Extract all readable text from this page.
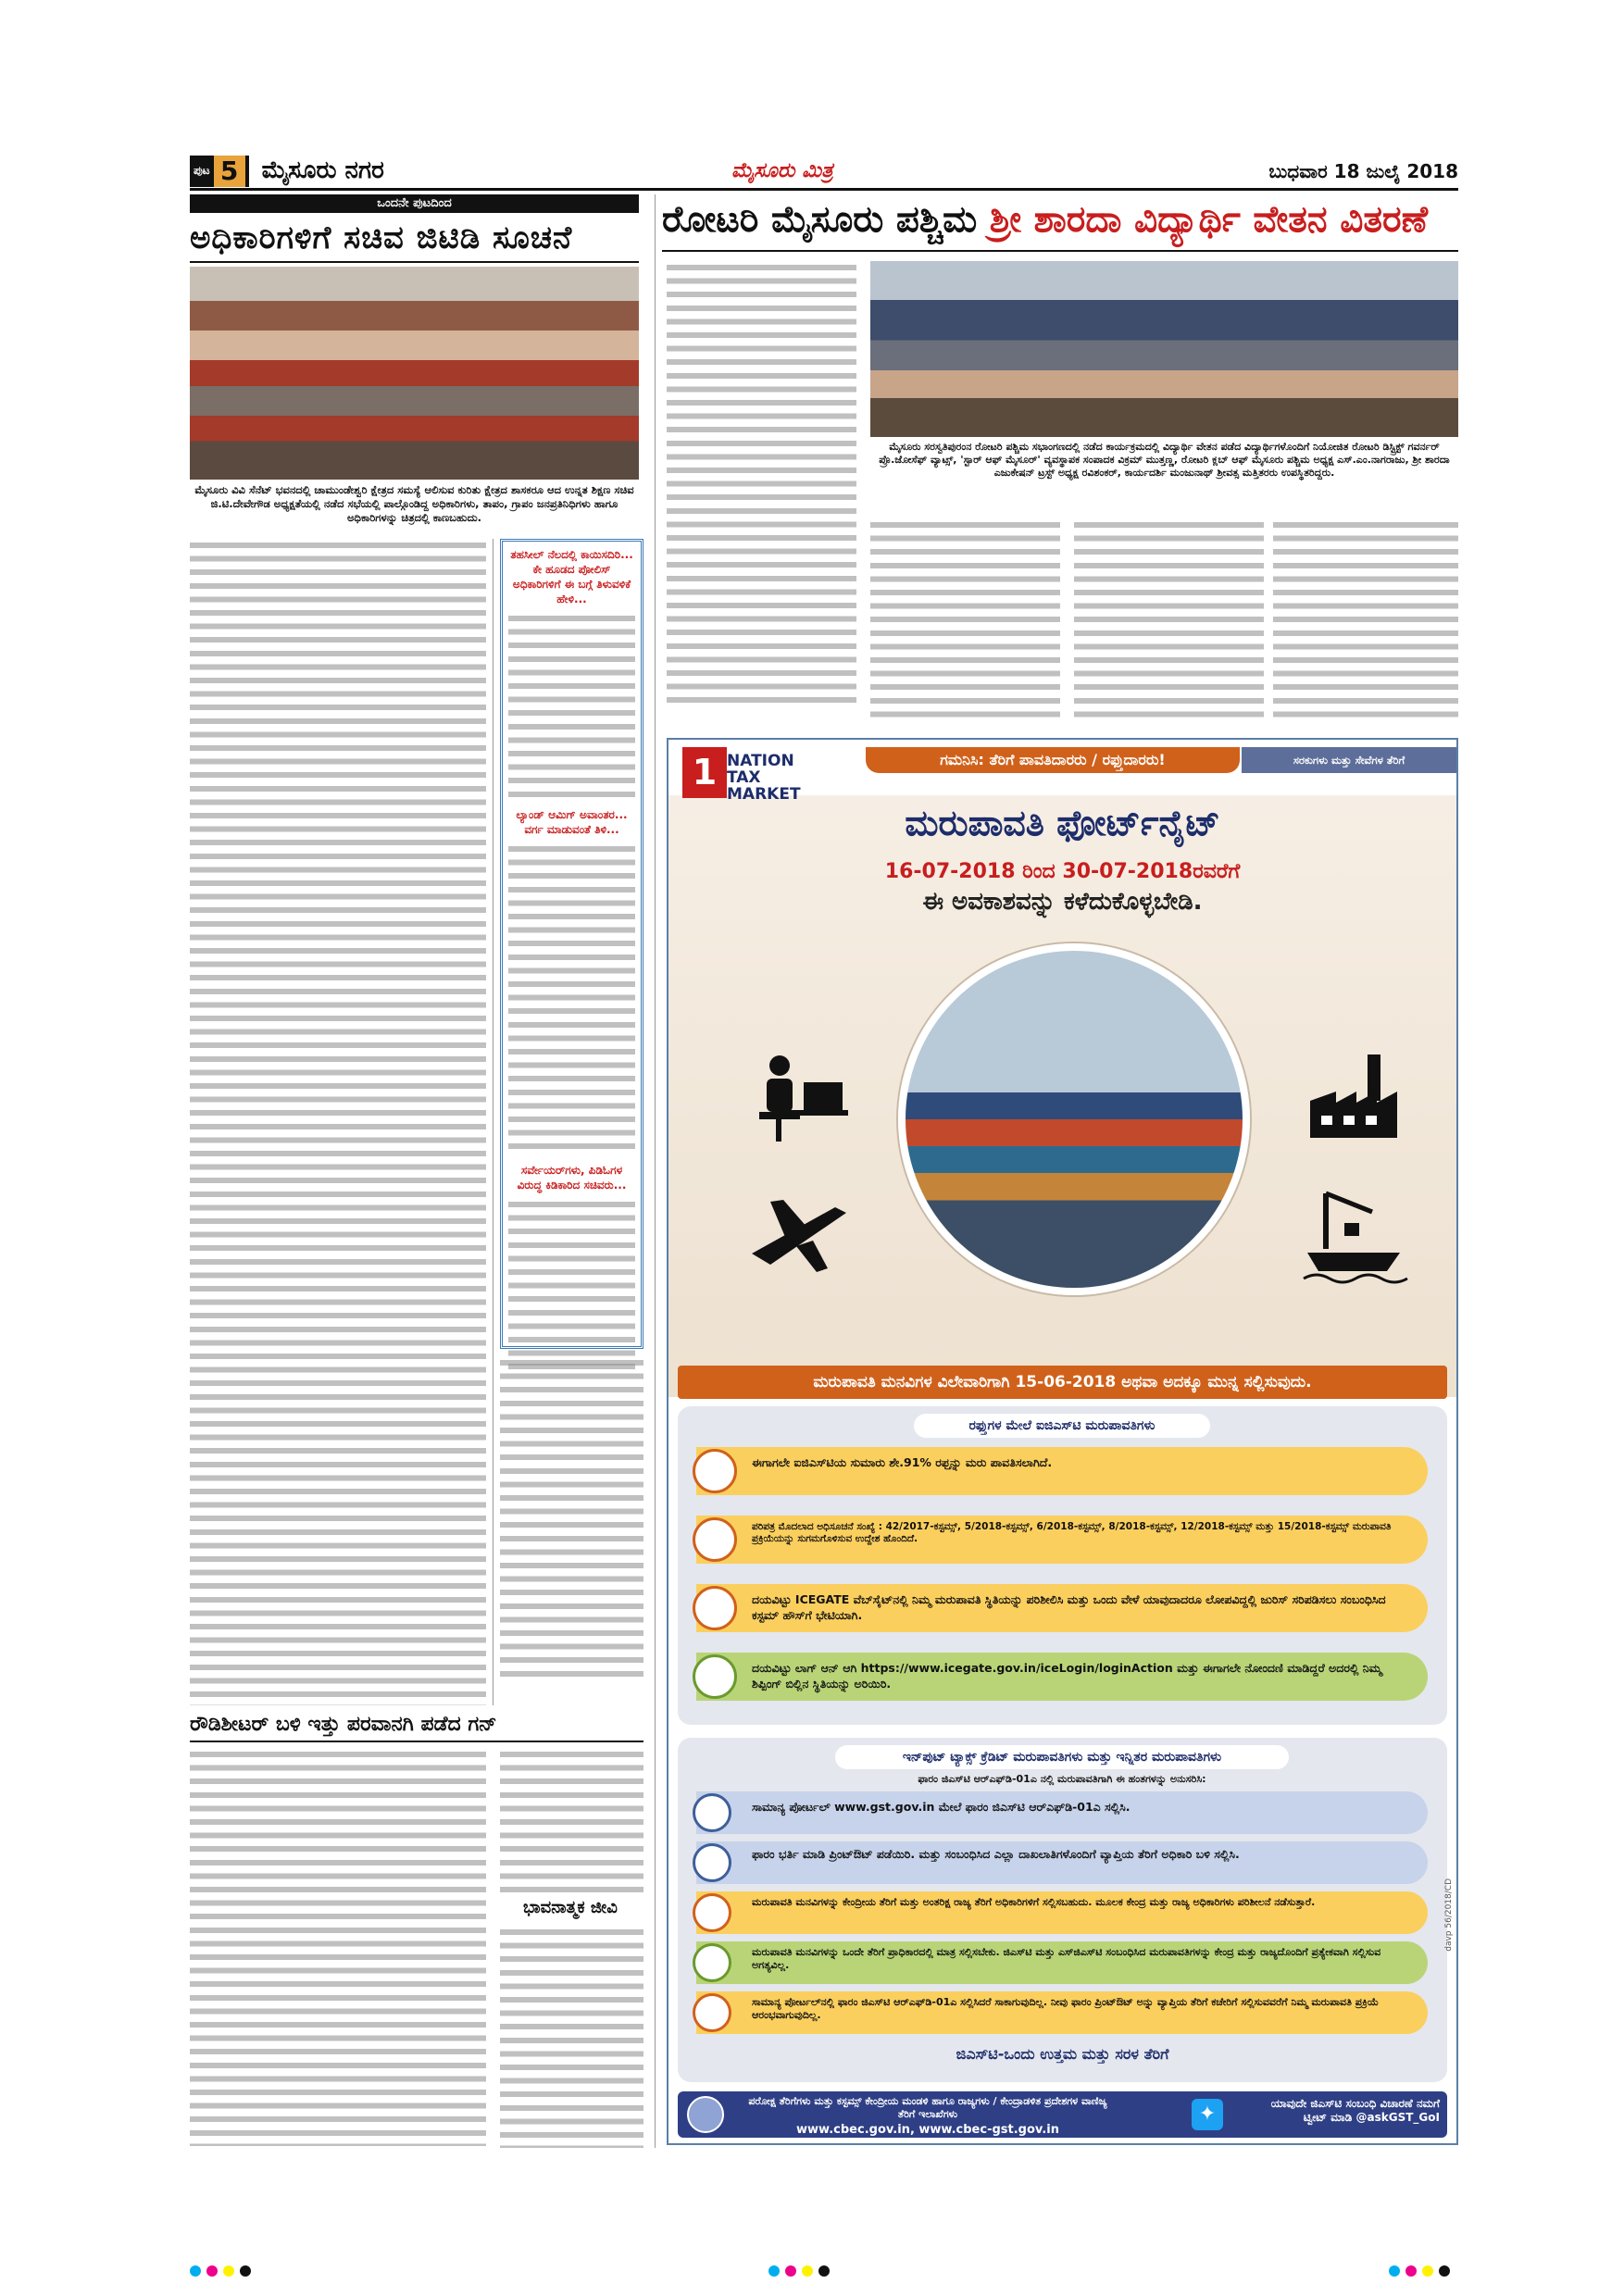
ಪುಟ 5 ಮೈಸೂರು ನಗರ	ಮೈಸೂರು ಮಿತ್ರ	ಬುಧವಾರ 18 ಜುಲೈ 2018
ಒಂದನೇ ಪುಟದಿಂದ
ಅಧಿಕಾರಿಗಳಿಗೆ ಸಚಿವ ಜಿಟಿಡಿ ಸೂಚನೆ
ಮೈಸೂರು ವಿವಿ ಸೆನೆಟ್ ಭವನದಲ್ಲಿ ಚಾಮುಂಡೇಶ್ವರಿ ಕ್ಷೇತ್ರದ ಸಮಸ್ಯೆ ಆಲಿಸುವ ಕುರಿತು ಕ್ಷೇತ್ರದ ಶಾಸಕರೂ ಆದ ಉನ್ನತ ಶಿಕ್ಷಣ ಸಚಿವ ಜಿ.ಟಿ.ದೇವೇಗೌಡ ಅಧ್ಯಕ್ಷತೆಯಲ್ಲಿ ನಡೆದ ಸಭೆಯಲ್ಲಿ ಪಾಲ್ಗೊಂಡಿದ್ದ ಅಧಿಕಾರಿಗಳು, ತಾಪಂ, ಗ್ರಾಪಂ ಜನಪ್ರತಿನಿಧಿಗಳು ಹಾಗೂ ಅಧಿಕಾರಿಗಳನ್ನು ಚಿತ್ರದಲ್ಲಿ ಕಾಣಬಹುದು.
ತಹಸೀಲ್ ನೆಲದಲ್ಲಿ ಕಾಯಿಸದಿರಿ... ಕೇ ಹೂಡದ ಪೋಲಿಸ್ ಅಧಿಕಾರಿಗಳಿಗೆ ಈ ಬಗ್ಗೆ ತಿಳುವಳಿಕೆ ಹೇಳಿ...
ಲ್ಯಾಂಡ್ ಆಮಿಗ್ ಅವಾಂತರ... ವರ್ಗ ಮಾಡುವಂತೆ ತಿಳಿ...
ಸರ್ವೇಯರ್‌ಗಳು, ಪಿಡಿಓಗಳ ವಿರುದ್ಧ ಕಿಡಿಕಾರಿದ ಸಚಿವರು...
ರೌಡಿಶೀಟರ್ ಬಳಿ ಇತ್ತು ಪರವಾನಗಿ ಪಡೆದ ಗನ್
ಭಾವನಾತ್ಮಕ ಜೀವಿ
ರೋಟರಿ ಮೈಸೂರು ಪಶ್ಚಿಮ ಶ್ರೀ ಶಾರದಾ ವಿದ್ಯಾರ್ಥಿ ವೇತನ ವಿತರಣೆ
ಮೈಸೂರು ಸರಸ್ವತಿಪುರಂನ ರೋಟರಿ ಪಶ್ಚಿಮ ಸಭಾಂಗಣದಲ್ಲಿ ನಡೆದ ಕಾರ್ಯಕ್ರಮದಲ್ಲಿ ವಿದ್ಯಾರ್ಥಿ ವೇತನ ಪಡೆದ ವಿದ್ಯಾರ್ಥಿಗಳೊಂದಿಗೆ ನಿಯೋಜಿತ ರೋಟರಿ ಡಿಸ್ಟ್ರಿಕ್ಟ್ ಗವರ್ನರ್ ಪ್ರೊ.ಜೋಸೆಫ್ ವ್ಯಾಟ್ಸ್, 'ಸ್ಟಾರ್ ಆಫ್ ಮೈಸೂರ್' ವ್ಯವಸ್ಥಾಪಕ ಸಂಪಾದಕ ವಿಕ್ರಮ್ ಮುತ್ತಣ್ಣ, ರೋಟರಿ ಕ್ಲಬ್ ಆಫ್ ಮೈಸೂರು ಪಶ್ಚಿಮ ಅಧ್ಯಕ್ಷ ಎಸ್.ಎಂ.ನಾಗರಾಜು, ಶ್ರೀ ಶಾರದಾ ಎಜುಕೇಷನ್ ಟ್ರಸ್ಟ್ ಅಧ್ಯಕ್ಷ ರವಿಶಂಕರ್, ಕಾರ್ಯದರ್ಶಿ ಮಂಜುನಾಥ್ ಶ್ರೀವತ್ಸ ಮತ್ತಿತರರು ಉಪಸ್ಥಿತರಿದ್ದರು.
1 NATION
TAX
MARKET
ಗಮನಿಸಿ: ತೆರಿಗೆ ಪಾವತಿದಾರರು / ರಫ್ತುದಾರರು!	ಸರಕುಗಳು ಮತ್ತು ಸೇವೆಗಳ ತೆರಿಗೆ
ಮರುಪಾವತಿ ಫೋರ್ಟ್‌ನೈಟ್
16-07-2018 ರಿಂದ 30-07-2018ರವರೆಗೆ
ಈ ಅವಕಾಶವನ್ನು ಕಳೆದುಕೊಳ್ಳಬೇಡಿ.
ಮರುಪಾವತಿ ಮನವಿಗಳ ವಿಲೇವಾರಿಗಾಗಿ 15-06-2018 ಅಥವಾ ಅದಕ್ಕೂ ಮುನ್ನ ಸಲ್ಲಿಸುವುದು.
ರಫ್ತುಗಳ ಮೇಲೆ ಐಜಿಎಸ್‌ಟಿ ಮರುಪಾವತಿಗಳು
ಈಗಾಗಲೇ ಐಜಿಎಸ್‌ಟಿಯ ಸುಮಾರು ಶೇ.91% ರಫ್ತನ್ನು ಮರು ಪಾವತಿಸಲಾಗಿದೆ.
ಪರಿಪತ್ರ ಮೊದಲಾದ ಅಧಿಸೂಚನೆ ಸಂಖ್ಯೆ : 42/2017-ಕಸ್ಟಮ್ಸ್, 5/2018-ಕಸ್ಟಮ್ಸ್, 6/2018-ಕಸ್ಟಮ್ಸ್, 8/2018-ಕಸ್ಟಮ್ಸ್, 12/2018-ಕಸ್ಟಮ್ಸ್ ಮತ್ತು 15/2018-ಕಸ್ಟಮ್ಸ್ ಮರುಪಾವತಿ ಪ್ರಕ್ರಿಯೆಯನ್ನು ಸುಗಮಗೊಳಿಸುವ ಉದ್ದೇಶ ಹೊಂದಿದೆ.
ದಯವಿಟ್ಟು ICEGATE ವೆಬ್‌ಸೈಟ್‌ನಲ್ಲಿ ನಿಮ್ಮ ಮರುಪಾವತಿ ಸ್ಥಿತಿಯನ್ನು ಪರಿಶೀಲಿಸಿ ಮತ್ತು ಒಂದು ವೇಳೆ ಯಾವುದಾದರೂ ಲೋಪವಿದ್ದಲ್ಲಿ ಜುರಿಸ್‌ ಸರಿಪಡಿಸಲು ಸಂಬಂಧಿಸಿದ ಕಸ್ಟಮ್ ಹೌಸ್‌ಗೆ ಭೇಟಿಯಾಗಿ.
ದಯವಿಟ್ಟು ಲಾಗ್ ಆನ್ ಆಗಿ https://www.icegate.gov.in/iceLogin/loginAction ಮತ್ತು ಈಗಾಗಲೇ ನೋಂದಣಿ ಮಾಡಿದ್ದರೆ ಅದರಲ್ಲಿ ನಿಮ್ಮ ಶಿಪ್ಪಿಂಗ್ ಬಿಲ್ಲಿನ ಸ್ಥಿತಿಯನ್ನು ಅರಿಯಿರಿ.
ಇನ್‌ಪುಟ್ ಟ್ಯಾಕ್ಸ್ ಕ್ರೆಡಿಟ್ ಮರುಪಾವತಿಗಳು ಮತ್ತು ಇನ್ನಿತರ ಮರುಪಾವತಿಗಳು
ಫಾರಂ ಜಿಎಸ್‌ಟಿ ಆರ್‌ಎಫ್‌ಡಿ-01ಎ ನಲ್ಲಿ ಮರುಪಾವತಿಗಾಗಿ ಈ ಹಂತಗಳನ್ನು ಅನುಸರಿಸಿ:
ಸಾಮಾನ್ಯ ಪೋರ್ಟಲ್ www.gst.gov.in ಮೇಲೆ ಫಾರಂ ಜಿಎಸ್‌ಟಿ ಆರ್‌ಎಫ್‌ಡಿ-01ಎ ಸಲ್ಲಿಸಿ.
ಫಾರಂ ಭರ್ತಿ ಮಾಡಿ ಪ್ರಿಂಟ್‌ಔಟ್ ಪಡೆಯಿರಿ. ಮತ್ತು ಸಂಬಂಧಿಸಿದ ಎಲ್ಲಾ ದಾಖಲಾತಿಗಳೊಂದಿಗೆ ವ್ಯಾಪ್ತಿಯ ತೆರಿಗೆ ಅಧಿಕಾರಿ ಬಳಿ ಸಲ್ಲಿಸಿ.
ಮರುಪಾವತಿ ಮನವಿಗಳನ್ನು ಕೇಂದ್ರೀಯ ತೆರಿಗೆ ಮತ್ತು ಅಂತರಿಕ್ಷ ರಾಜ್ಯ ತೆರಿಗೆ ಅಧಿಕಾರಿಗಳಿಗೆ ಸಲ್ಲಿಸಬಹುದು. ಮೂಲಕ ಕೇಂದ್ರ ಮತ್ತು ರಾಜ್ಯ ಅಧಿಕಾರಿಗಳು ಪರಿಶೀಲನೆ ನಡೆಸುತ್ತಾರೆ.
ಮರುಪಾವತಿ ಮನವಿಗಳನ್ನು ಒಂದೇ ತೆರಿಗೆ ಪ್ರಾಧಿಕಾರದಲ್ಲಿ ಮಾತ್ರ ಸಲ್ಲಿಸಬೇಕು. ಜಿಎಸ್‌ಟಿ ಮತ್ತು ಎಸ್‌ಜಿಎಸ್‌ಟಿ ಸಂಬಂಧಿಸಿದ ಮರುಪಾವತಿಗಳನ್ನು ಕೇಂದ್ರ ಮತ್ತು ರಾಜ್ಯದೊಂದಿಗೆ ಪ್ರತ್ಯೇಕವಾಗಿ ಸಲ್ಲಿಸುವ ಅಗತ್ಯವಿಲ್ಲ.
ಸಾಮಾನ್ಯ ಪೋರ್ಟಲ್‌ನಲ್ಲಿ ಫಾರಂ ಜಿಎಸ್‌ಟಿ ಆರ್‌ಎಫ್‌ಡಿ-01ಎ ಸಲ್ಲಿಸಿದರೆ ಸಾಕಾಗುವುದಿಲ್ಲ. ನೀವು ಫಾರಂ ಪ್ರಿಂಟ್‌ಔಟ್ ಅನ್ನು ವ್ಯಾಪ್ತಿಯ ತೆರಿಗೆ ಕಚೇರಿಗೆ ಸಲ್ಲಿಸುವವರೆಗೆ ನಿಮ್ಮ ಮರುಪಾವತಿ ಪ್ರಕ್ರಿಯೆ ಆರಂಭವಾಗುವುದಿಲ್ಲ.
ಜಿಎಸ್‌ಟಿ-ಒಂದು ಉತ್ತಮ ಮತ್ತು ಸರಳ ತೆರಿಗೆ
davp 56/2018/CD
ಪರೋಕ್ಷ ತೆರಿಗೆಗಳು ಮತ್ತು ಕಸ್ಟಮ್ಸ್ ಕೇಂದ್ರೀಯ ಮಂಡಳಿ ಹಾಗೂ ರಾಜ್ಯಗಳು / ಕೇಂದ್ರಾಡಳಿತ ಪ್ರದೇಶಗಳ ವಾಣಿಜ್ಯ ತೆರಿಗೆ ಇಲಾಖೆಗಳು
www.cbec.gov.in, www.cbec-gst.gov.in
✦	ಯಾವುದೇ ಜಿಎಸ್‌ಟಿ ಸಂಬಂಧಿ ವಿಚಾರಣೆ ನಮಗೆ ಟ್ವೀಟ್ ಮಾಡಿ @askGST_GoI
